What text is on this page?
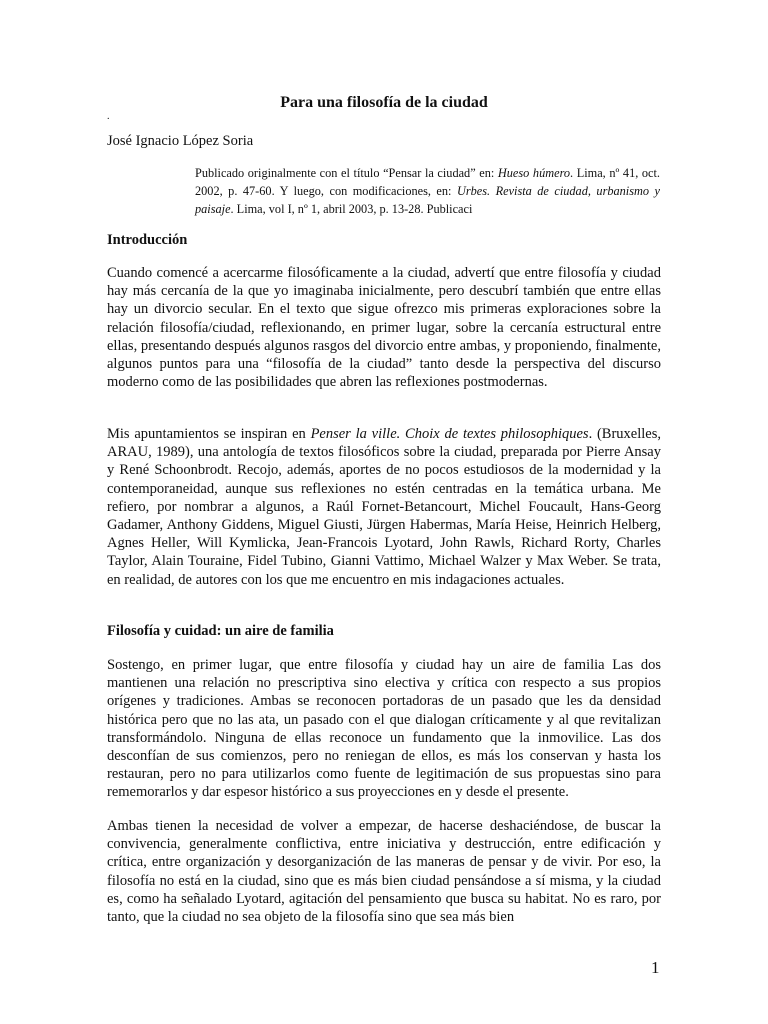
Para una filosofía de la ciudad
.

José Ignacio López Soria

Publicado originalmente con el título “Pensar la ciudad” en: Hueso húmero. Lima, nº 41, oct. 2002, p. 47-60. Y luego, con modificaciones, en: Urbes. Revista de ciudad, urbanismo y paisaje. Lima, vol I, nº 1, abril 2003, p. 13-28. Publicaci

Introducción

Cuando comencé a acercarme filosóficamente a la ciudad, advertí que entre filosofía y ciudad hay más cercanía de la que yo imaginaba inicialmente, pero descubrí también que entre ellas hay un divorcio secular. En el texto que sigue ofrezco mis primeras exploraciones sobre la relación filosofía/ciudad, reflexionando, en primer lugar, sobre la cercanía estructural entre ellas, presentando después algunos rasgos del divorcio entre ambas, y proponiendo, finalmente, algunos puntos para una “filosofía de la ciudad” tanto desde la perspectiva del discurso moderno como de las posibilidades que abren las reflexiones postmodernas.

Mis apuntamientos se inspiran en Penser la ville. Choix de textes philosophiques. (Bruxelles, ARAU, 1989), una antología de textos filosóficos sobre la ciudad, preparada por Pierre Ansay y René Schoonbrodt. Recojo, además, aportes de no pocos estudiosos de la modernidad y la contemporaneidad, aunque sus reflexiones no estén centradas en la temática urbana. Me refiero, por nombrar a algunos, a Raúl Fornet-Betancourt, Michel Foucault, Hans-Georg Gadamer, Anthony Giddens, Miguel Giusti, Jürgen Habermas, María Heise, Heinrich Helberg, Agnes Heller, Will Kymlicka, Jean-Francois Lyotard, John Rawls, Richard Rorty, Charles Taylor, Alain Touraine, Fidel Tubino, Gianni Vattimo, Michael Walzer y Max Weber. Se trata, en realidad, de autores con los que me encuentro en mis indagaciones actuales.

Filosofía y cuidad: un aire de familia

Sostengo, en primer lugar, que entre filosofía y ciudad hay un aire de familia Las dos mantienen una relación no prescriptiva sino electiva y crítica con respecto a sus propios orígenes y tradiciones. Ambas se reconocen portadoras de un pasado que les da densidad histórica pero que no las ata, un pasado con el que dialogan críticamente y al que revitalizan transformándolo. Ninguna de ellas reconoce un fundamento que la inmovilice. Las dos desconfían de sus comienzos, pero no reniegan de ellos, es más los conservan y hasta los restauran, pero no para utilizarlos como fuente de legitimación de sus propuestas sino para rememorarlos y dar espesor histórico a sus proyecciones en y desde el presente.

Ambas tienen la necesidad de volver a empezar, de hacerse deshaciéndose, de buscar la convivencia, generalmente conflictiva, entre iniciativa y destrucción, entre edificación y crítica, entre organización y desorganización de las maneras de pensar y de vivir. Por eso, la filosofía no está en la ciudad, sino que es más bien ciudad pensándose a sí misma, y la ciudad es, como ha señalado Lyotard, agitación del pensamiento que busca su habitat. No es raro, por tanto, que la ciudad no sea objeto de la filosofía sino que sea más bien

1
